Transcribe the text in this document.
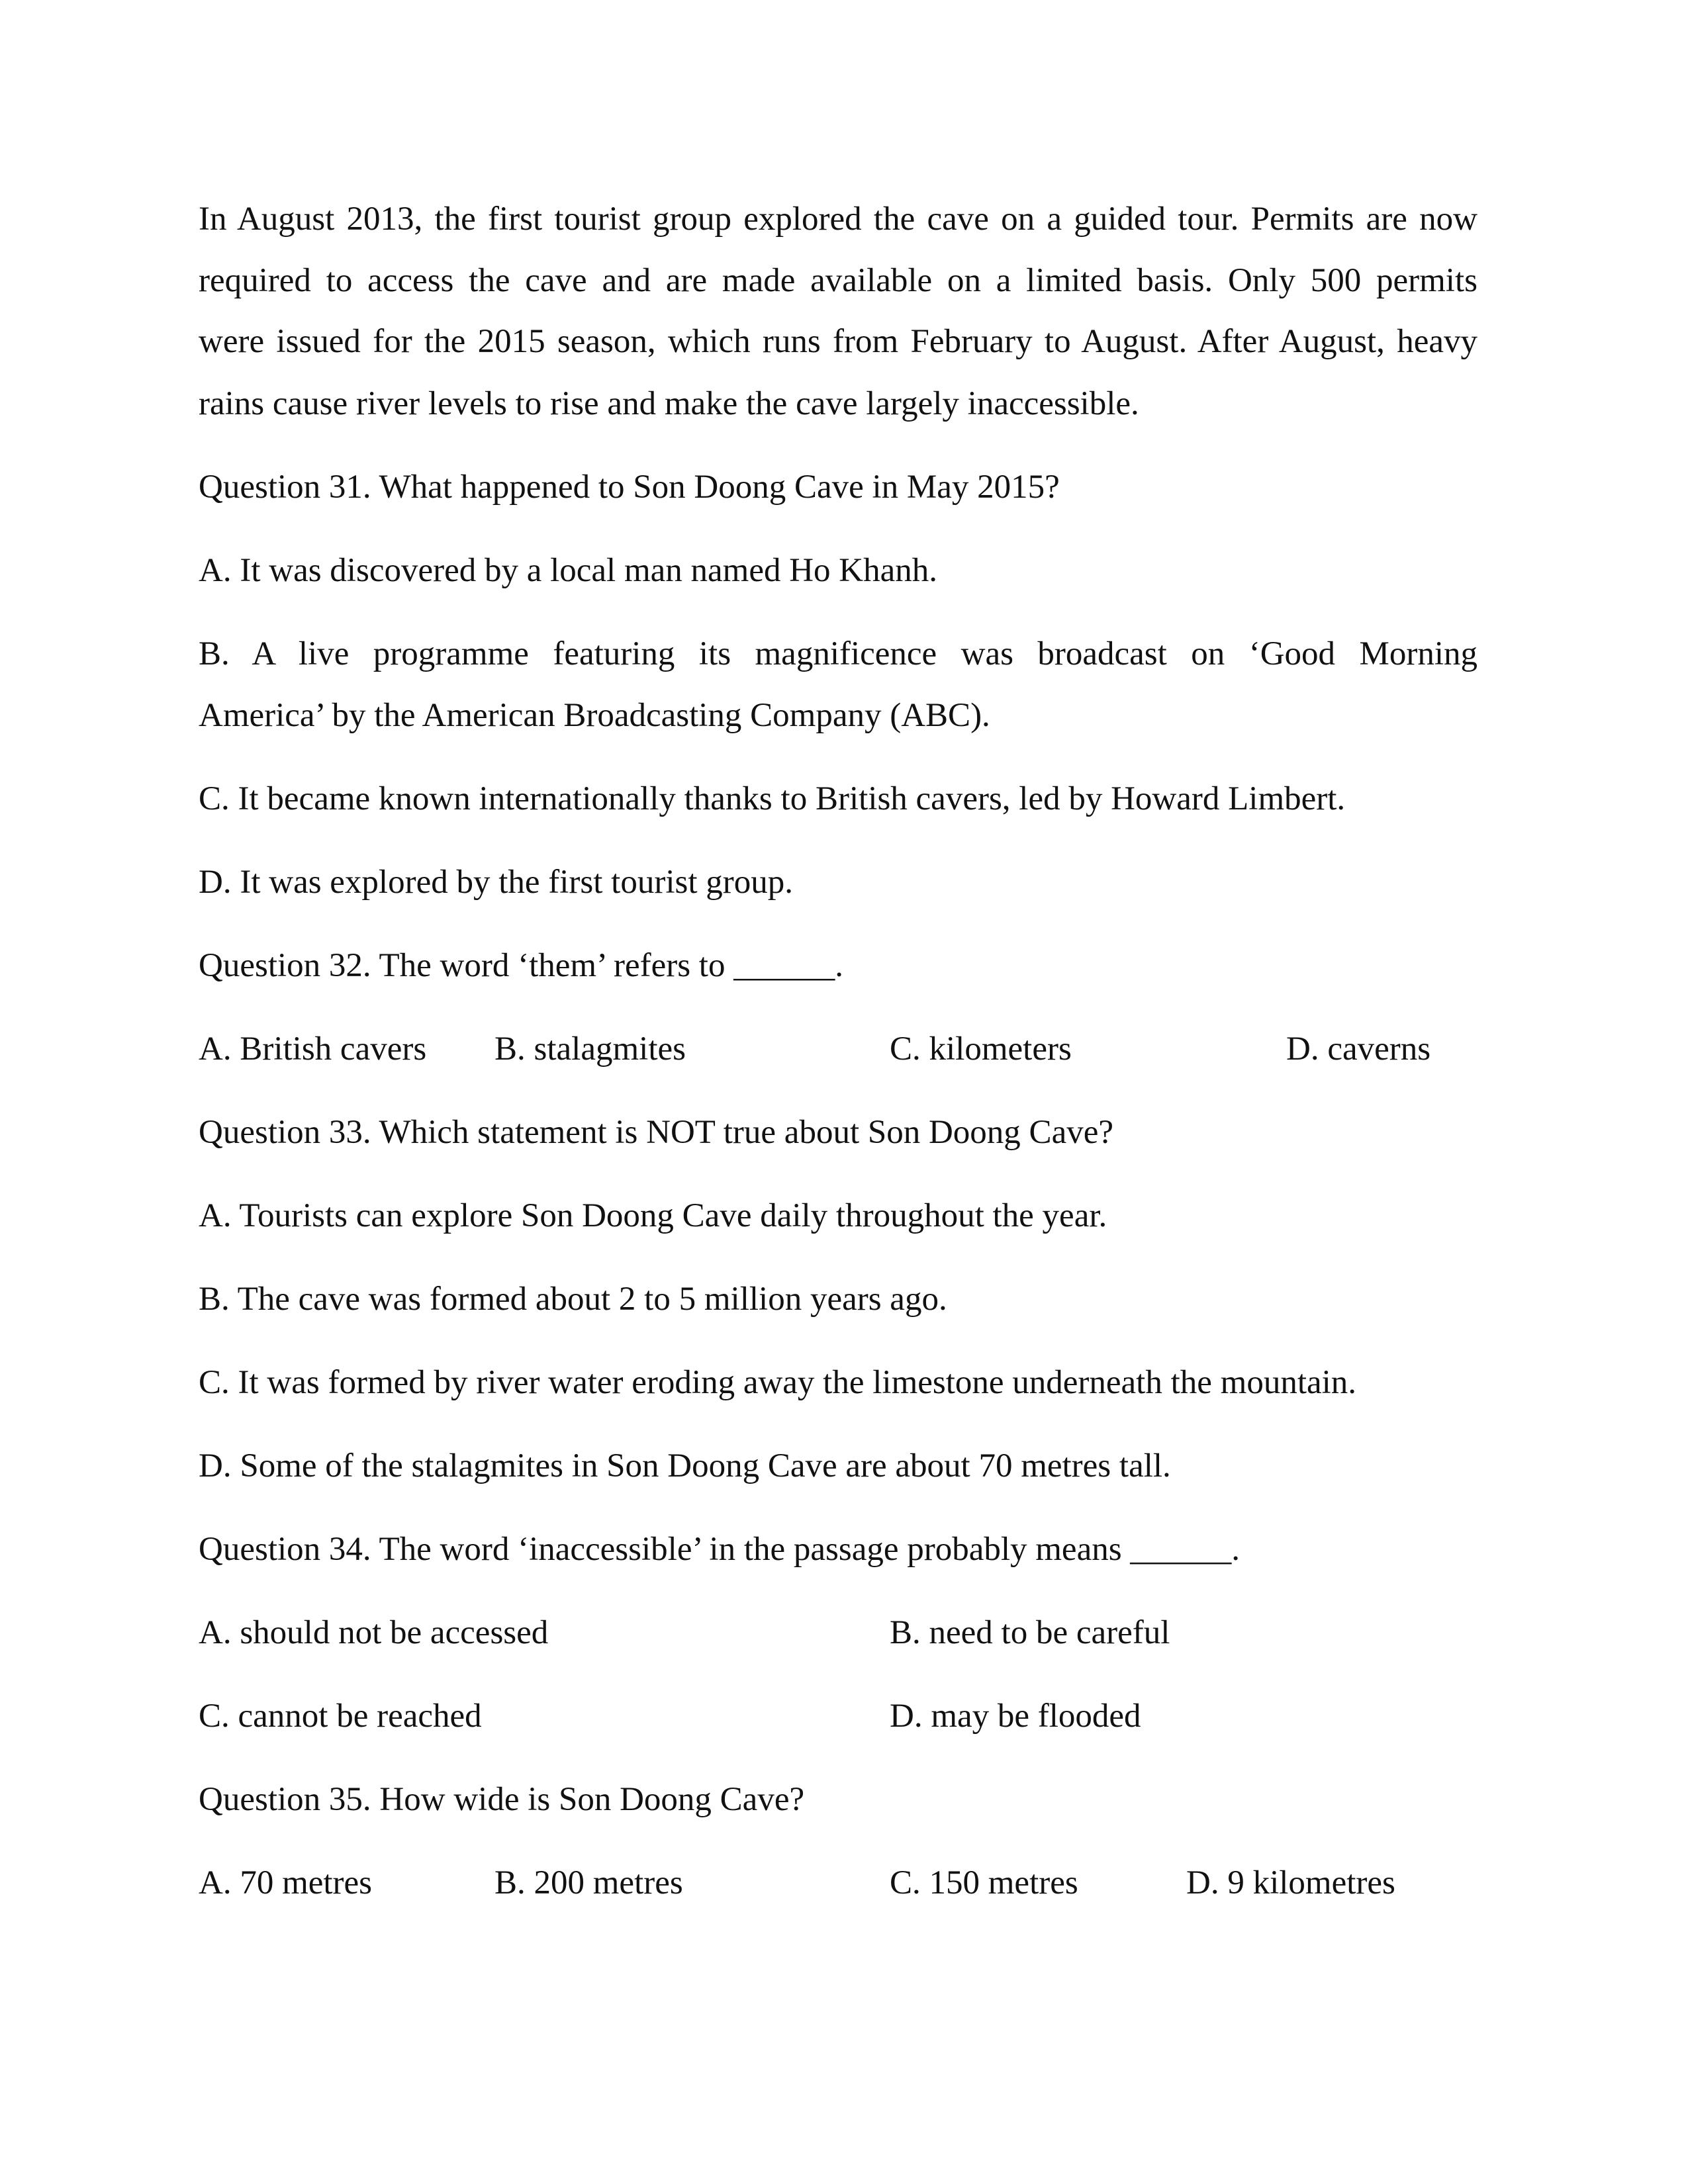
In August 2013, the first tourist group explored the cave on a guided tour. Permits are now
required to access the cave and are made available on a limited basis. Only 500 permits
were issued for the 2015 season, which runs from February to August. After August, heavy
rains cause river levels to rise and make the cave largely inaccessible.
Question 31. What happened to Son Doong Cave in May 2015?
A. It was discovered by a local man named Ho Khanh.
B. A live programme featuring its magnificence was broadcast on ‘Good Morning
America’ by the American Broadcasting Company (ABC).
C. It became known internationally thanks to British cavers, led by Howard Limbert.
D. It was explored by the first tourist group.
Question 32. The word ‘them’ refers to ______.
A. British cavers B. stalagmites	C. kilometers	D. caverns
Question 33. Which statement is NOT true about Son Doong Cave?
A. Tourists can explore Son Doong Cave daily throughout the year.
B. The cave was formed about 2 to 5 million years ago.
C. It was formed by river water eroding away the limestone underneath the mountain.
D. Some of the stalagmites in Son Doong Cave are about 70 metres tall.
Question 34. The word ‘inaccessible’ in the passage probably means ______.
A. should not be accessed	B. need to be careful
C. cannot be reached	D. may be flooded
Question 35. How wide is Son Doong Cave?
A. 70 metres	B. 200 metres	C. 150 metres	D. 9 kilometres
